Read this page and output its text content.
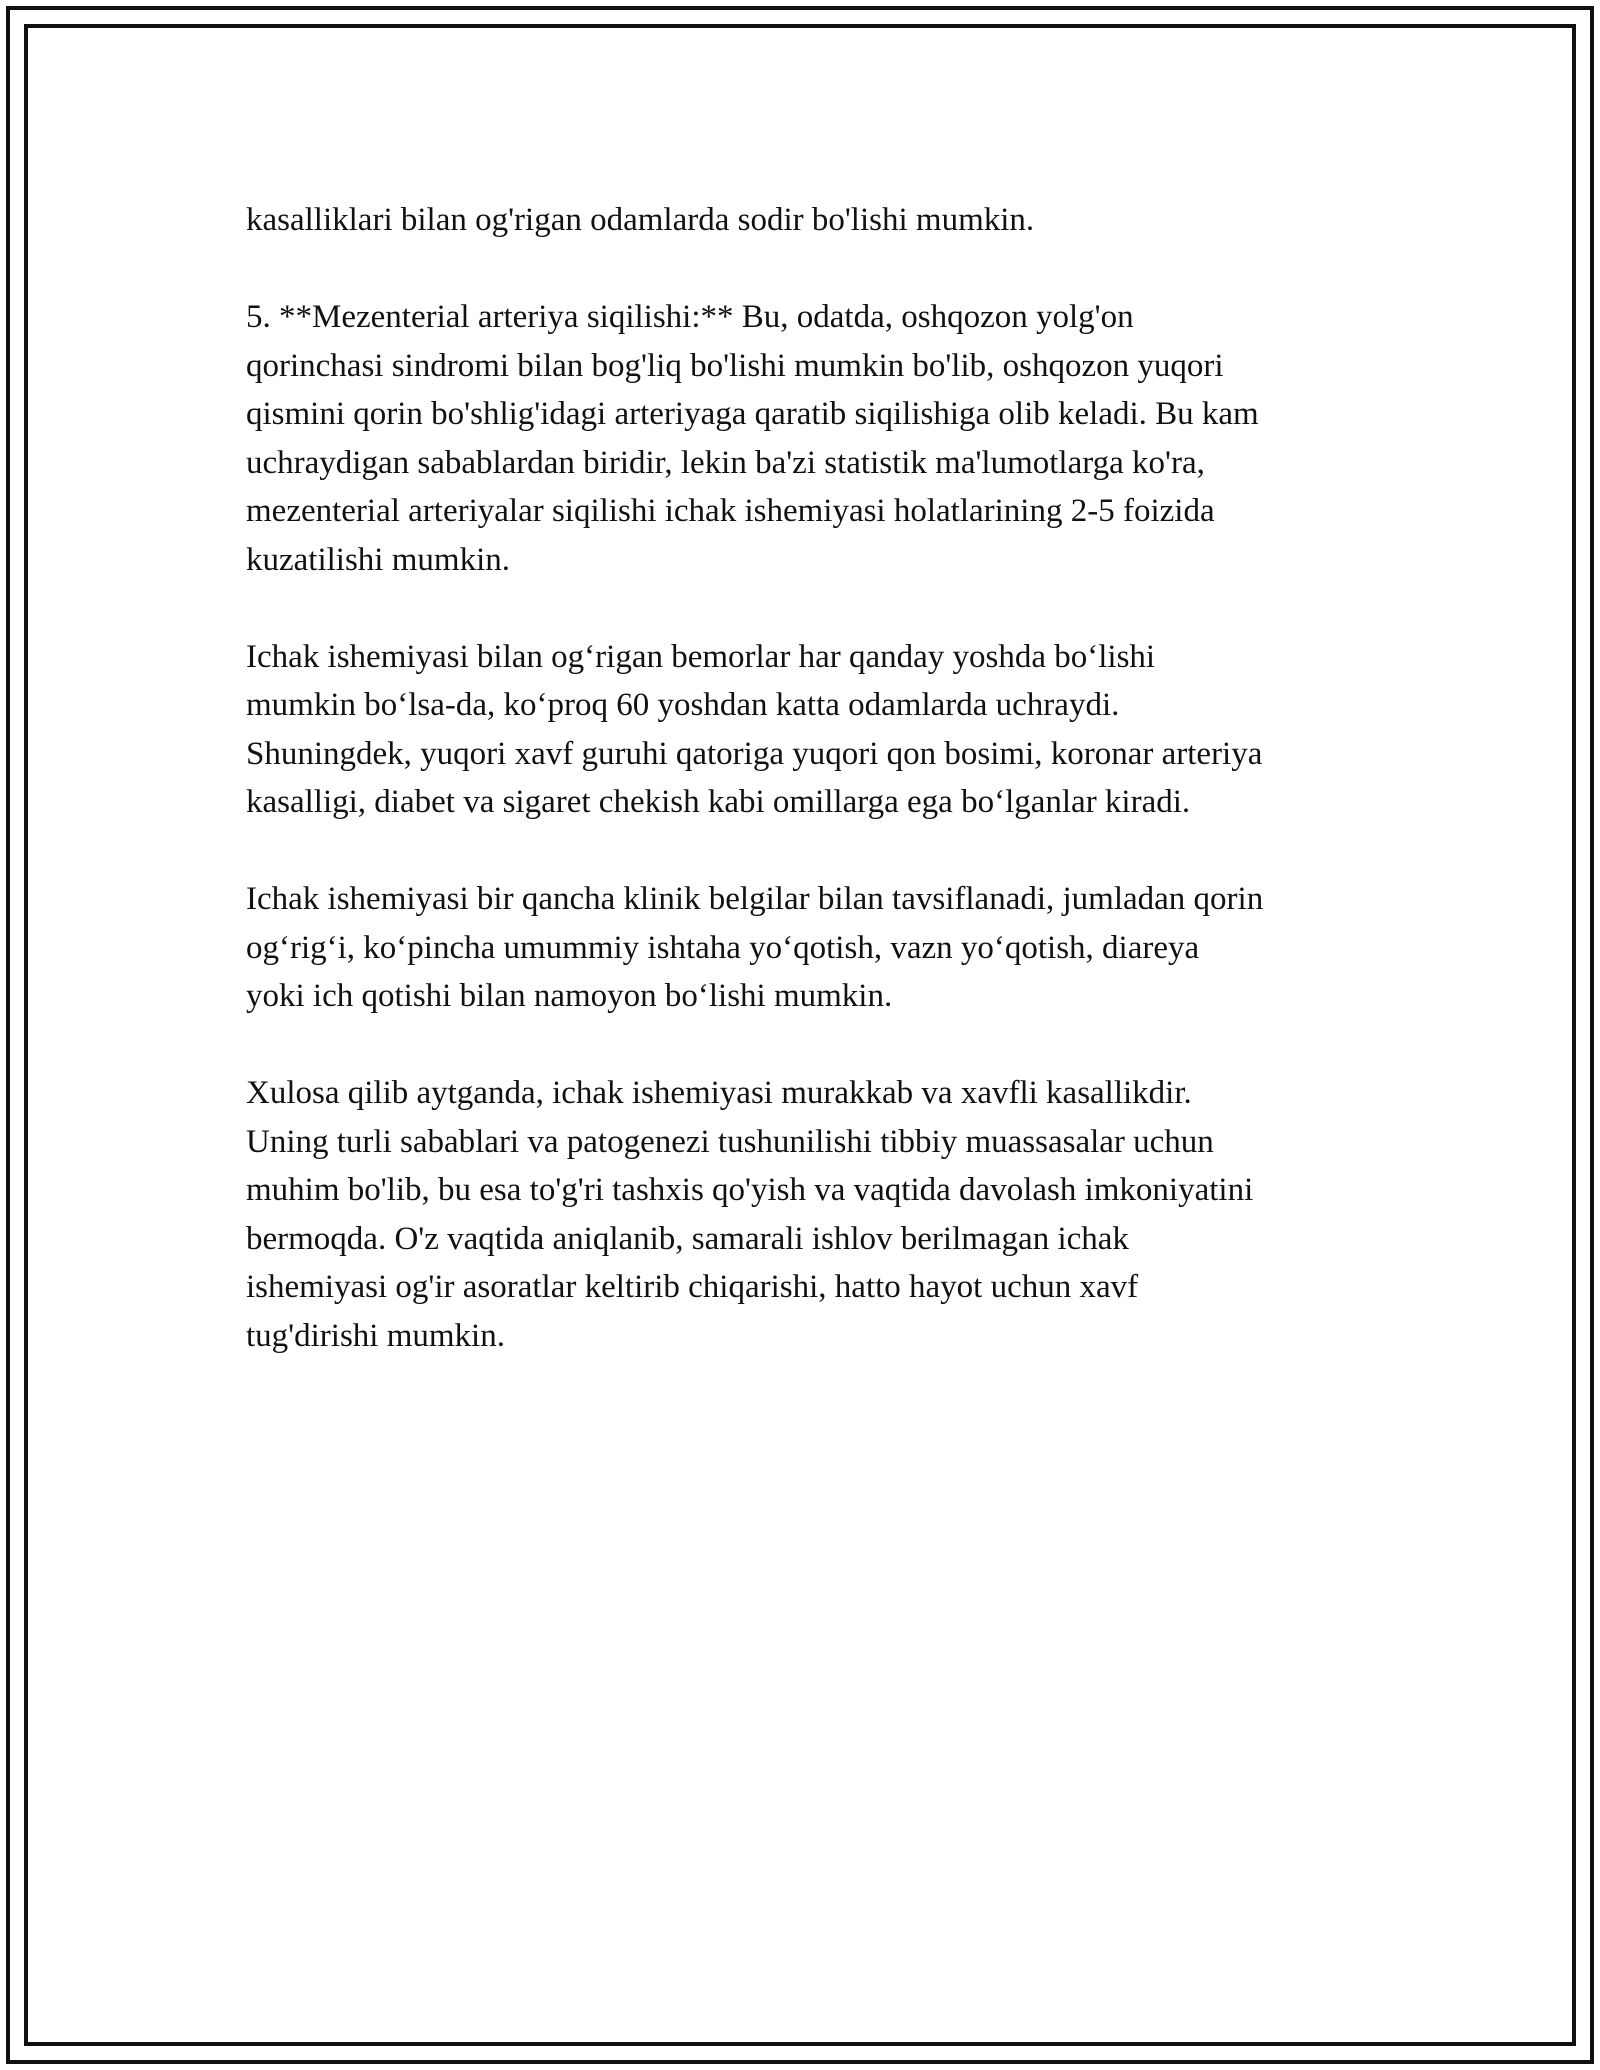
kasalliklari bilan og'rigan odamlarda sodir bo'lishi mumkin.

5. **Mezenterial arteriya siqilishi:** Bu, odatda, oshqozon yolg'on
qorinchasi sindromi bilan bog'liq bo'lishi mumkin bo'lib, oshqozon yuqori
qismini qorin bo'shlig'idagi arteriyaga qaratib siqilishiga olib keladi. Bu kam
uchraydigan sabablardan biridir, lekin ba'zi statistik ma'lumotlarga ko'ra,
mezenterial arteriyalar siqilishi ichak ishemiyasi holatlarining 2-5 foizida
kuzatilishi mumkin.

Ichak ishemiyasi bilan og‘rigan bemorlar har qanday yoshda bo‘lishi
mumkin bo‘lsa-da, ko‘proq 60 yoshdan katta odamlarda uchraydi.
Shuningdek, yuqori xavf guruhi qatoriga yuqori qon bosimi, koronar arteriya
kasalligi, diabet va sigaret chekish kabi omillarga ega bo‘lganlar kiradi.

Ichak ishemiyasi bir qancha klinik belgilar bilan tavsiflanadi, jumladan qorin
og‘rig‘i, ko‘pincha umummiy ishtaha yo‘qotish, vazn yo‘qotish, diareya
yoki ich qotishi bilan namoyon bo‘lishi mumkin.

Xulosa qilib aytganda, ichak ishemiyasi murakkab va xavfli kasallikdir.
Uning turli sabablari va patogenezi tushunilishi tibbiy muassasalar uchun
muhim bo'lib, bu esa to'g'ri tashxis qo'yish va vaqtida davolash imkoniyatini
bermoqda. O'z vaqtida aniqlanib, samarali ishlov berilmagan ichak
ishemiyasi og'ir asoratlar keltirib chiqarishi, hatto hayot uchun xavf
tug'dirishi mumkin.
